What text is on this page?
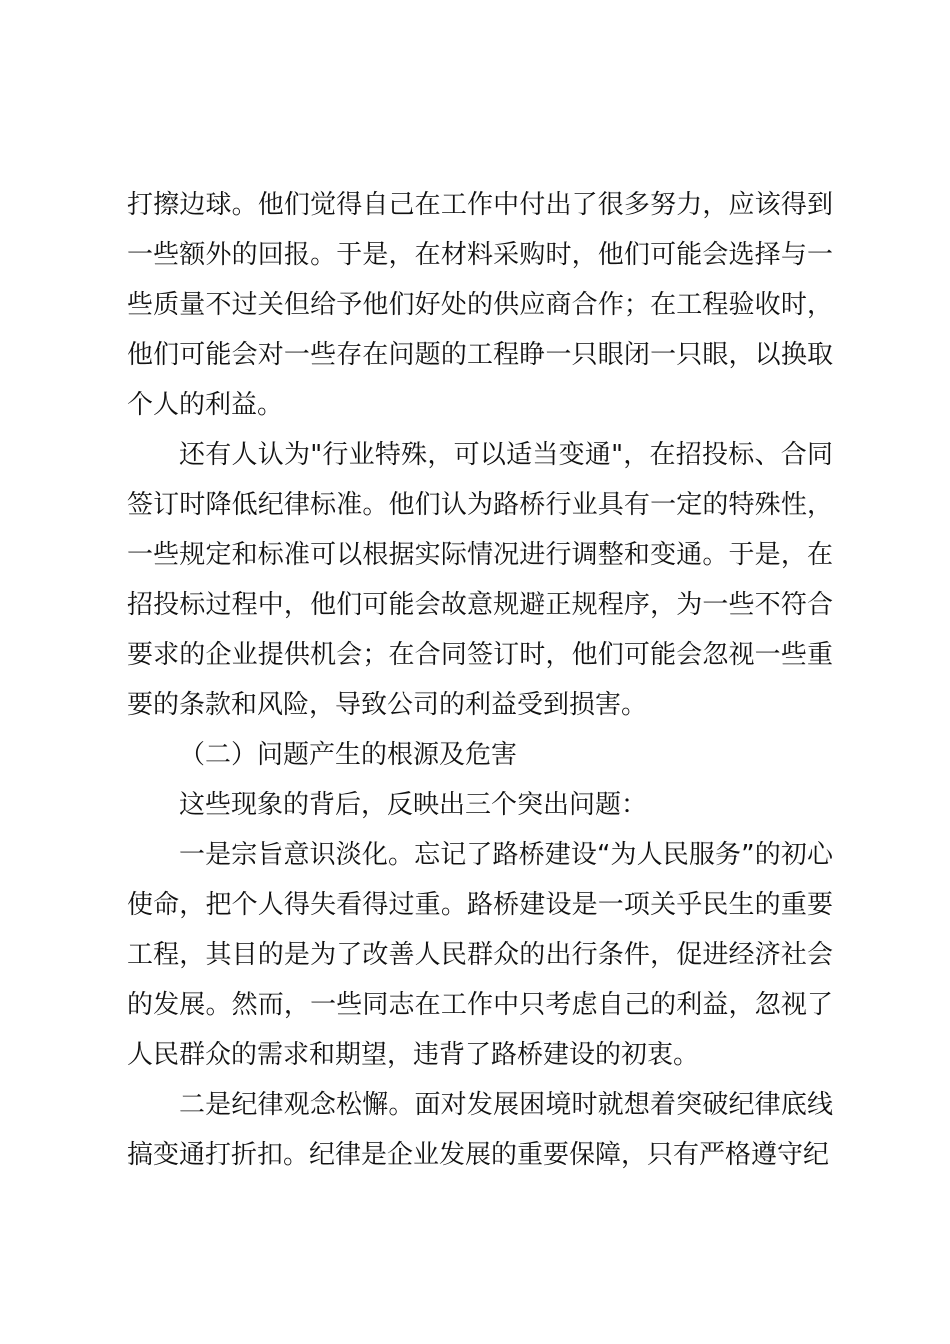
打擦边球。他们觉得自己在工作中付出了很多努力，应该得到一些额外的回报。于是，在材料采购时，他们可能会选择与一些质量不过关但给予他们好处的供应商合作；在工程验收时，他们可能会对一些存在问题的工程睁一只眼闭一只眼，以换取个人的利益。

还有人认为"行业特殊，可以适当变通"，在招投标、合同签订时降低纪律标准。他们认为路桥行业具有一定的特殊性，一些规定和标准可以根据实际情况进行调整和变通。于是，在招投标过程中，他们可能会故意规避正规程序，为一些不符合要求的企业提供机会；在合同签订时，他们可能会忽视一些重要的条款和风险，导致公司的利益受到损害。

（二）问题产生的根源及危害

这些现象的背后，反映出三个突出问题：

一是宗旨意识淡化。忘记了路桥建设“为人民服务”的初心使命，把个人得失看得过重。路桥建设是一项关乎民生的重要工程，其目的是为了改善人民群众的出行条件，促进经济社会的发展。然而，一些同志在工作中只考虑自己的利益，忽视了人民群众的需求和期望，违背了路桥建设的初衷。

二是纪律观念松懈。面对发展困境时就想着突破纪律底线搞变通打折扣。纪律是企业发展的重要保障，只有严格遵守纪
